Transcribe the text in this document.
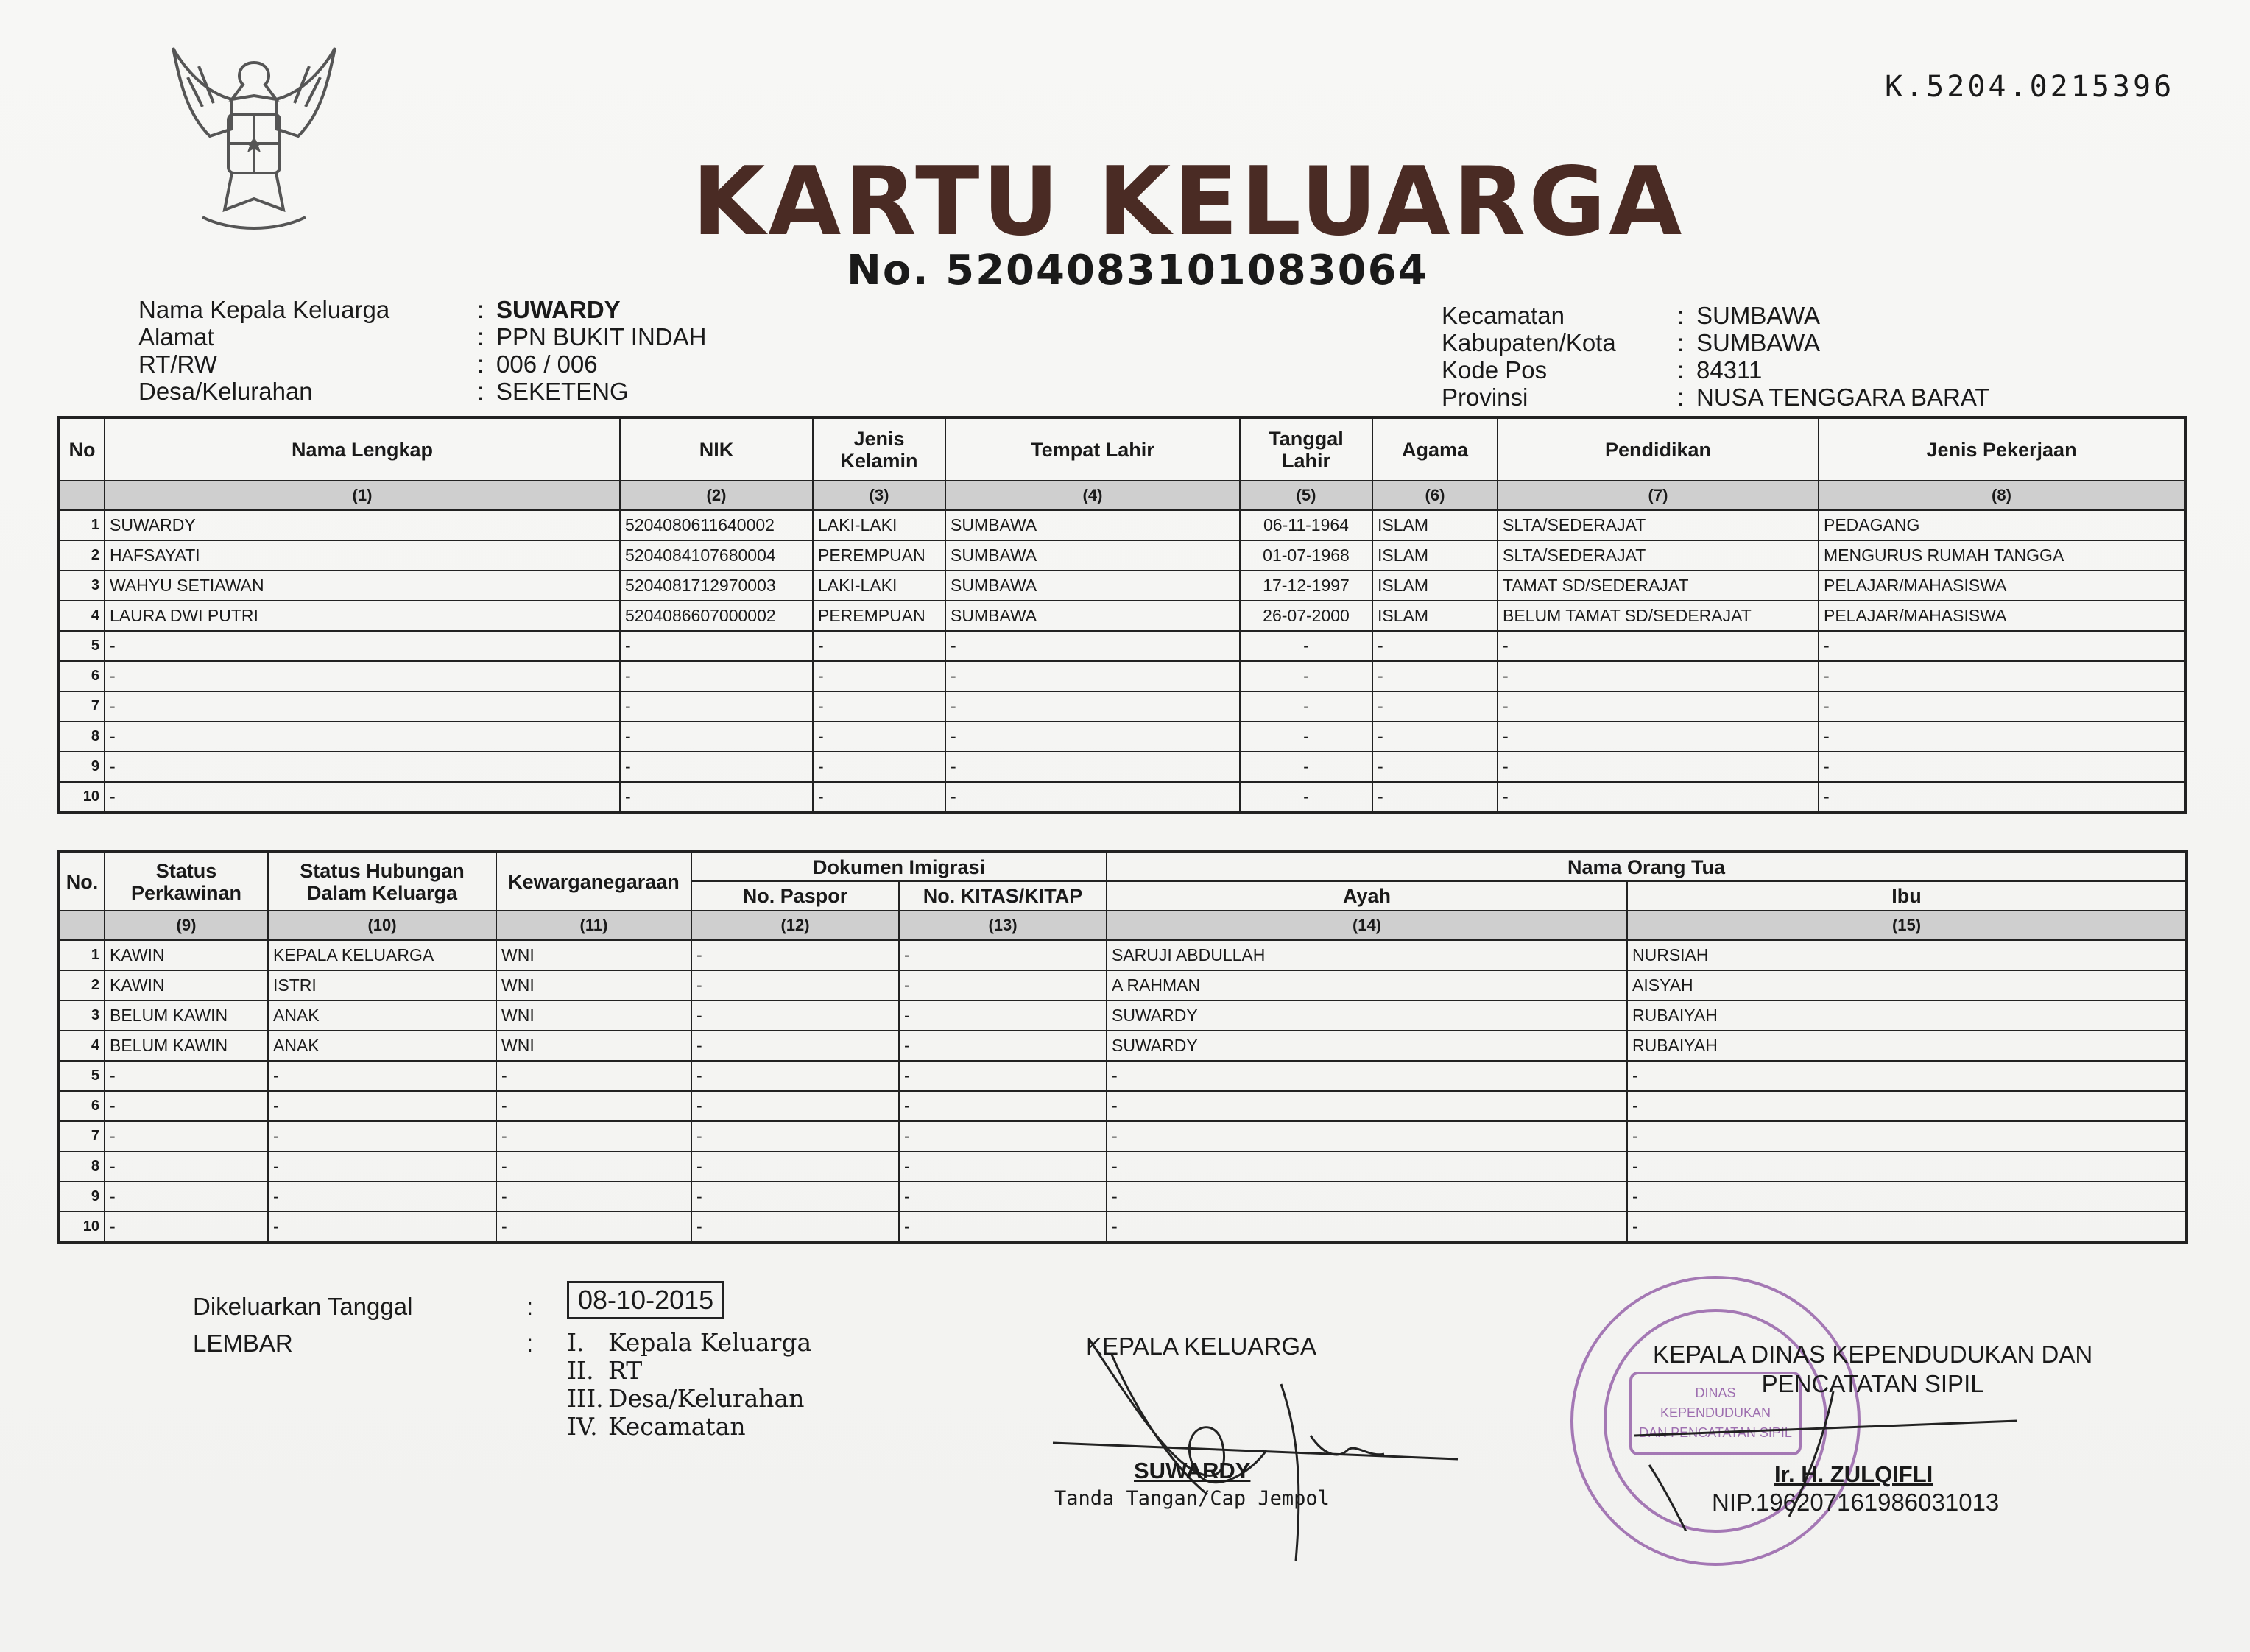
K.5204.0215396
KARTU KELUARGA
No. 5204083101083064
Nama Kepala Keluarga	: SUWARDY
Alamat	: PPN BUKIT INDAH
RT/RW	: 006 / 006
Desa/Kelurahan	: SEKETENG
Kecamatan	: SUMBAWA
Kabupaten/Kota	: SUMBAWA
Kode Pos	: 84311
Provinsi	: NUSA TENGGARA BARAT
No	Nama Lengkap	NIK	Jenis Kelamin	Tempat Lahir	Tanggal Lahir	Agama	Pendidikan	Jenis Pekerjaan
	(1)	(2)	(3)	(4)	(5)	(6)	(7)	(8)
1	SUWARDY	5204080611640002	LAKI-LAKI	SUMBAWA	06-11-1964	ISLAM	SLTA/SEDERAJAT	PEDAGANG
2	HAFSAYATI	5204084107680004	PEREMPUAN	SUMBAWA	01-07-1968	ISLAM	SLTA/SEDERAJAT	MENGURUS RUMAH TANGGA
3	WAHYU SETIAWAN	5204081712970003	LAKI-LAKI	SUMBAWA	17-12-1997	ISLAM	TAMAT SD/SEDERAJAT	PELAJAR/MAHASISWA
4	LAURA DWI PUTRI	5204086607000002	PEREMPUAN	SUMBAWA	26-07-2000	ISLAM	BELUM TAMAT SD/SEDERAJAT	PELAJAR/MAHASISWA
5	-	-	-	-	-	-	-	-
6	-	-	-	-	-	-	-	-
7	-	-	-	-	-	-	-	-
8	-	-	-	-	-	-	-	-
9	-	-	-	-	-	-	-	-
10	-	-	-	-	-	-	-	-
No.	Status Perkawinan	Status Hubungan Dalam Keluarga	Kewarganegaraan	Dokumen Imigrasi		Nama Orang Tua	
				No. Paspor	No. KITAS/KITAP	Ayah	Ibu
	(9)	(10)	(11)	(12)	(13)	(14)	(15)
1	KAWIN	KEPALA KELUARGA	WNI	-	-	SARUJI ABDULLAH	NURSIAH
2	KAWIN	ISTRI	WNI	-	-	A RAHMAN	AISYAH
3	BELUM KAWIN	ANAK	WNI	-	-	SUWARDY	RUBAIYAH
4	BELUM KAWIN	ANAK	WNI	-	-	SUWARDY	RUBAIYAH
5	-	-	-	-	-	-	-
6	-	-	-	-	-	-	-
7	-	-	-	-	-	-	-
8	-	-	-	-	-	-	-
9	-	-	-	-	-	-	-
10	-	-	-	-	-	-	-
Dikeluarkan Tanggal	:	08-10-2015
LEMBAR	: I. Kepala Keluarga
II. RT
III. Desa/Kelurahan
IV. Kecamatan
KEPALA KELUARGA
SUWARDY
Tanda Tangan/Cap Jempol
DINAS
KEPENDUDUKAN
DAN PENCATATAN SIPIL
KEPALA DINAS KEPENDUDUKAN DAN
PENCATATAN SIPIL
Ir. H. ZULQIFLI
NIP.196207161986031013
